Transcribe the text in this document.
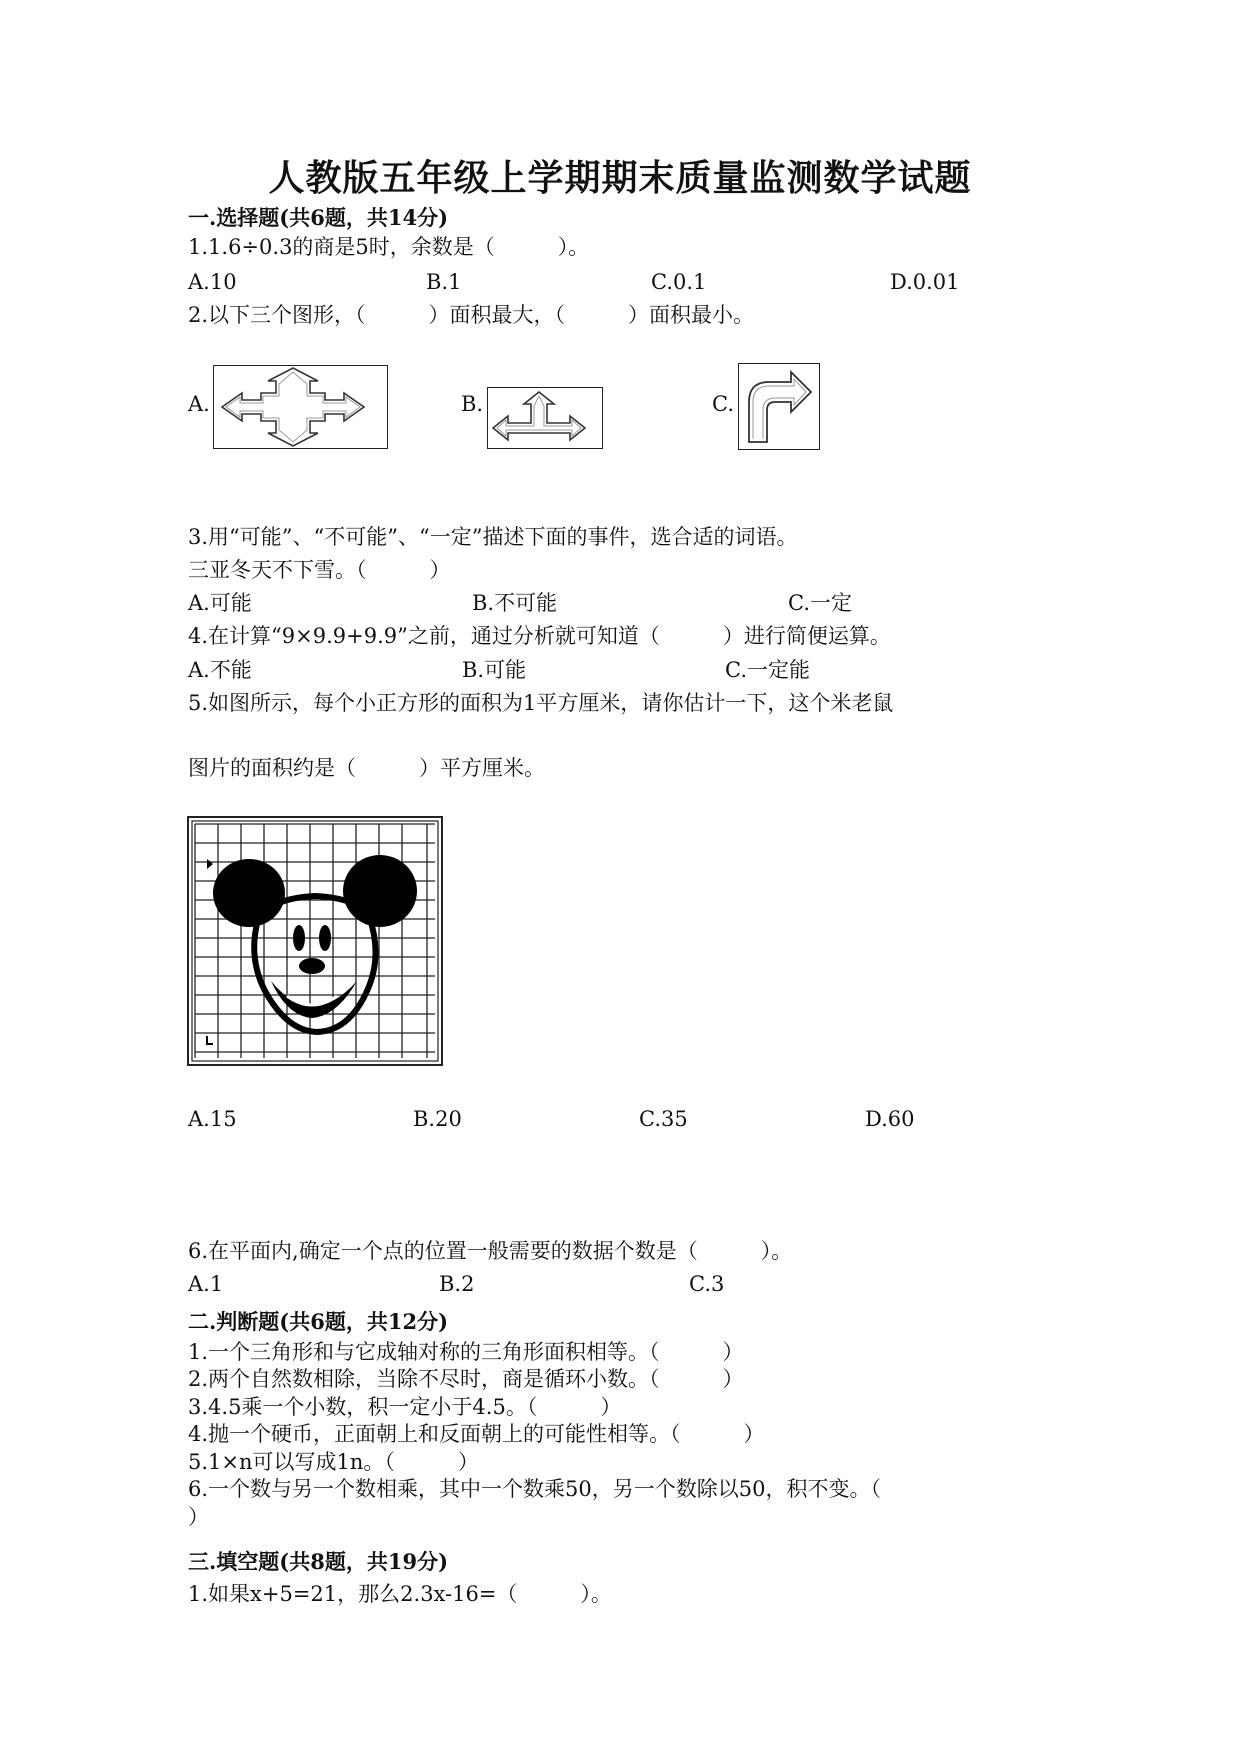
人教版五年级上学期期末质量监测数学试题
一.选择题(共6题，共14分)
1.1.6÷0.3的商是5时，余数是（　　　）。
A.10	B.1	C.0.1	D.0.01
2.以下三个图形，（　　　）面积最大，（　　　）面积最小。
A.	B.	C.
3.用“可能”、“不可能”、“一定”描述下面的事件，选合适的词语。
三亚冬天不下雪。（　　　）
A.可能	B.不可能	C.一定
4.在计算“9×9.9+9.9”之前，通过分析就可知道（　　　）进行简便运算。
A.不能	B.可能	C.一定能
5.如图所示，每个小正方形的面积为1平方厘米，请你估计一下，这个米老鼠
图片的面积约是（　　　）平方厘米。
A.15	B.20	C.35	D.60
6.在平面内,确定一个点的位置一般需要的数据个数是（　　　）。
A.1	B.2	C.3
二.判断题(共6题，共12分)
1.一个三角形和与它成轴对称的三角形面积相等。（　　　）
2.两个自然数相除，当除不尽时，商是循环小数。（　　　）
3.4.5乘一个小数，积一定小于4.5。（　　　）
4.抛一个硬币，正面朝上和反面朝上的可能性相等。（　　　）
5.1×n可以写成1n。（　　　）
6.一个数与另一个数相乘，其中一个数乘50，另一个数除以50，积不变。（
）
三.填空题(共8题，共19分)
1.如果x+5=21，那么2.3x-16=（　　　）。
